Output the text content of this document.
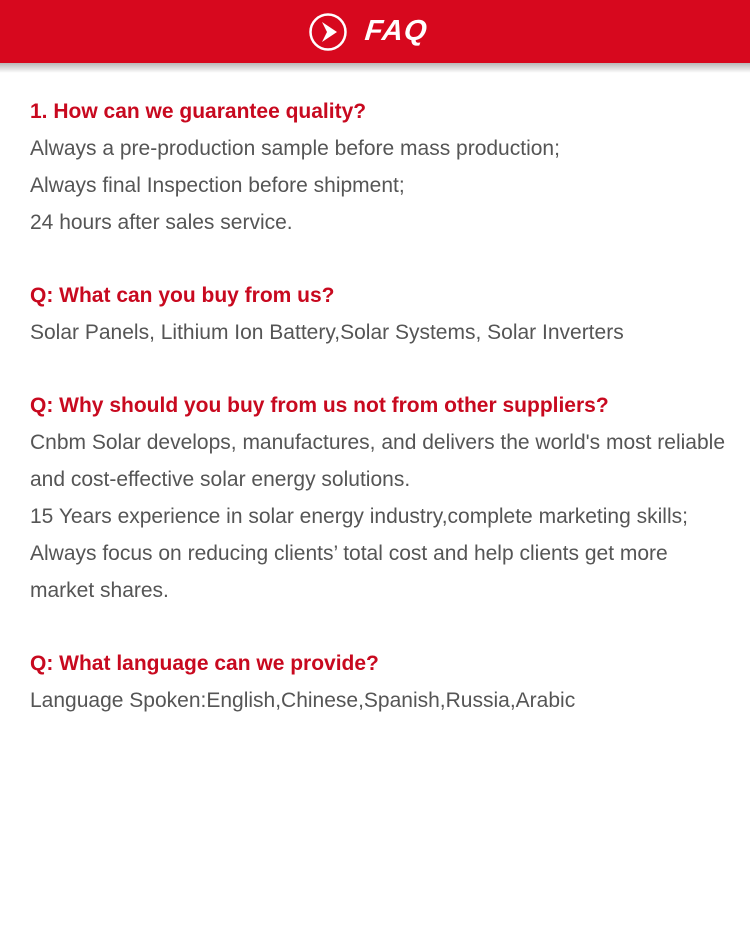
FAQ

1. How can we guarantee quality?

Always a pre-production sample before mass production;

Always final Inspection before shipment;

24 hours after sales service.

Q: What can you buy from us?

Solar Panels, Lithium Ion Battery,Solar Systems, Solar Inverters

Q: Why should you buy from us not from other suppliers?

Cnbm Solar develops, manufactures, and delivers the world's most reliable and cost-effective solar energy solutions.

15 Years experience in solar energy industry,complete marketing skills;

Always focus on reducing clients’ total cost and help clients get more market shares.

Q: What language can we provide?

Language Spoken:English,Chinese,Spanish,Russia,Arabic
